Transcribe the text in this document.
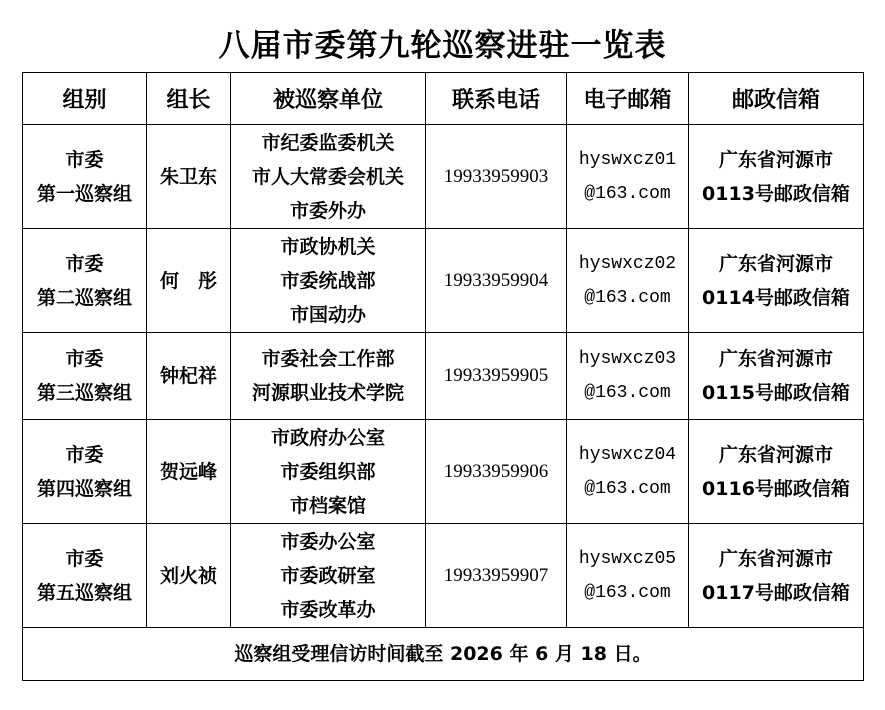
八届市委第九轮巡察进驻一览表
组别	组长	被巡察单位	联系电话	电子邮箱	邮政信箱

市委
第一巡察组	朱卫东	市纪委监委机关
市人大常委会机关
市委外办	19933959903	hyswxcz01
@163.com	广东省河源市
0113号邮政信箱

市委
第二巡察组	何　彤	市政协机关
市委统战部
市国动办	19933959904	hyswxcz02
@163.com	广东省河源市
0114号邮政信箱

市委
第三巡察组	钟杞祥	市委社会工作部
河源职业技术学院	19933959905	hyswxcz03
@163.com	广东省河源市
0115号邮政信箱

市委
第四巡察组	贺远峰	市政府办公室
市委组织部
市档案馆	19933959906	hyswxcz04
@163.com	广东省河源市
0116号邮政信箱

市委
第五巡察组	刘火祯	市委办公室
市委政研室
市委改革办	19933959907	hyswxcz05
@163.com	广东省河源市
0117号邮政信箱

巡察组受理信访时间截至 2026 年 6 月 18 日。					
